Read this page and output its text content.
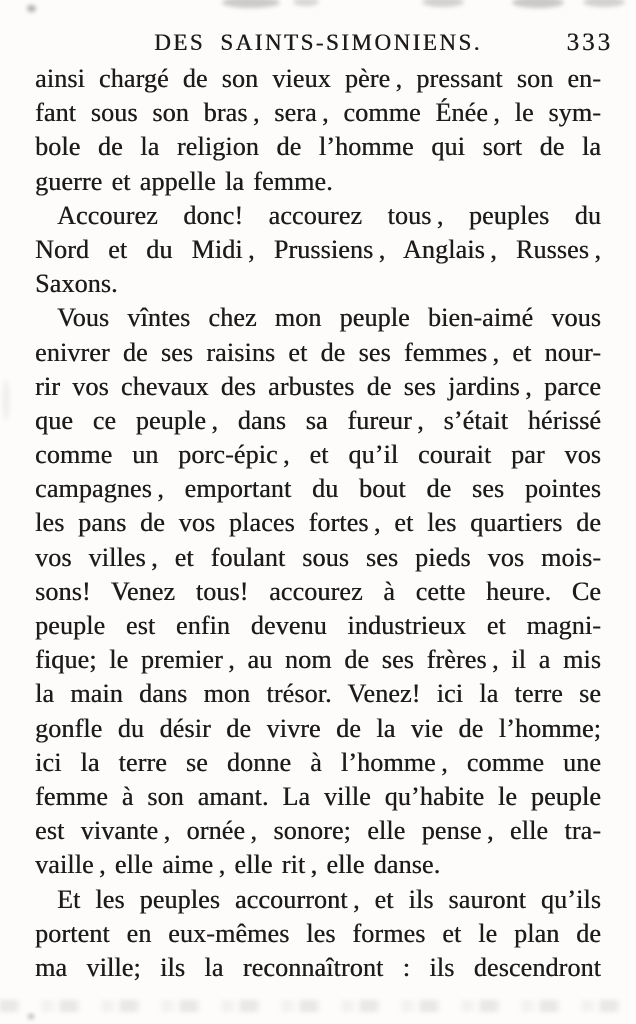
DES SAINTS-SIMONIENS.	333
ainsi chargé de son vieux père , pressant son en-
fant sous son bras , sera , comme Énée , le sym-
bole de la religion de l’homme qui sort de la
guerre et appelle la femme.
Accourez donc! accourez tous , peuples du
Nord et du Midi , Prussiens , Anglais , Russes ,
Saxons.
Vous vîntes chez mon peuple bien-aimé vous
enivrer de ses raisins et de ses femmes , et nour-
rir vos chevaux des arbustes de ses jardins , parce
que ce peuple , dans sa fureur , s’était hérissé
comme un porc-épic , et qu’il courait par vos
campagnes , emportant du bout de ses pointes
les pans de vos places fortes , et les quartiers de
vos villes , et foulant sous ses pieds vos mois-
sons! Venez tous! accourez à cette heure. Ce
peuple est enfin devenu industrieux et magni-
fique; le premier , au nom de ses frères , il a mis
la main dans mon trésor. Venez! ici la terre se
gonfle du désir de vivre de la vie de l’homme;
ici la terre se donne à l’homme , comme une
femme à son amant. La ville qu’habite le peuple
est vivante , ornée , sonore; elle pense , elle tra-
vaille , elle aime , elle rit , elle danse.
Et les peuples accourront , et ils sauront qu’ils
portent en eux-mêmes les formes et le plan de
ma ville; ils la reconnaîtront : ils descendront
